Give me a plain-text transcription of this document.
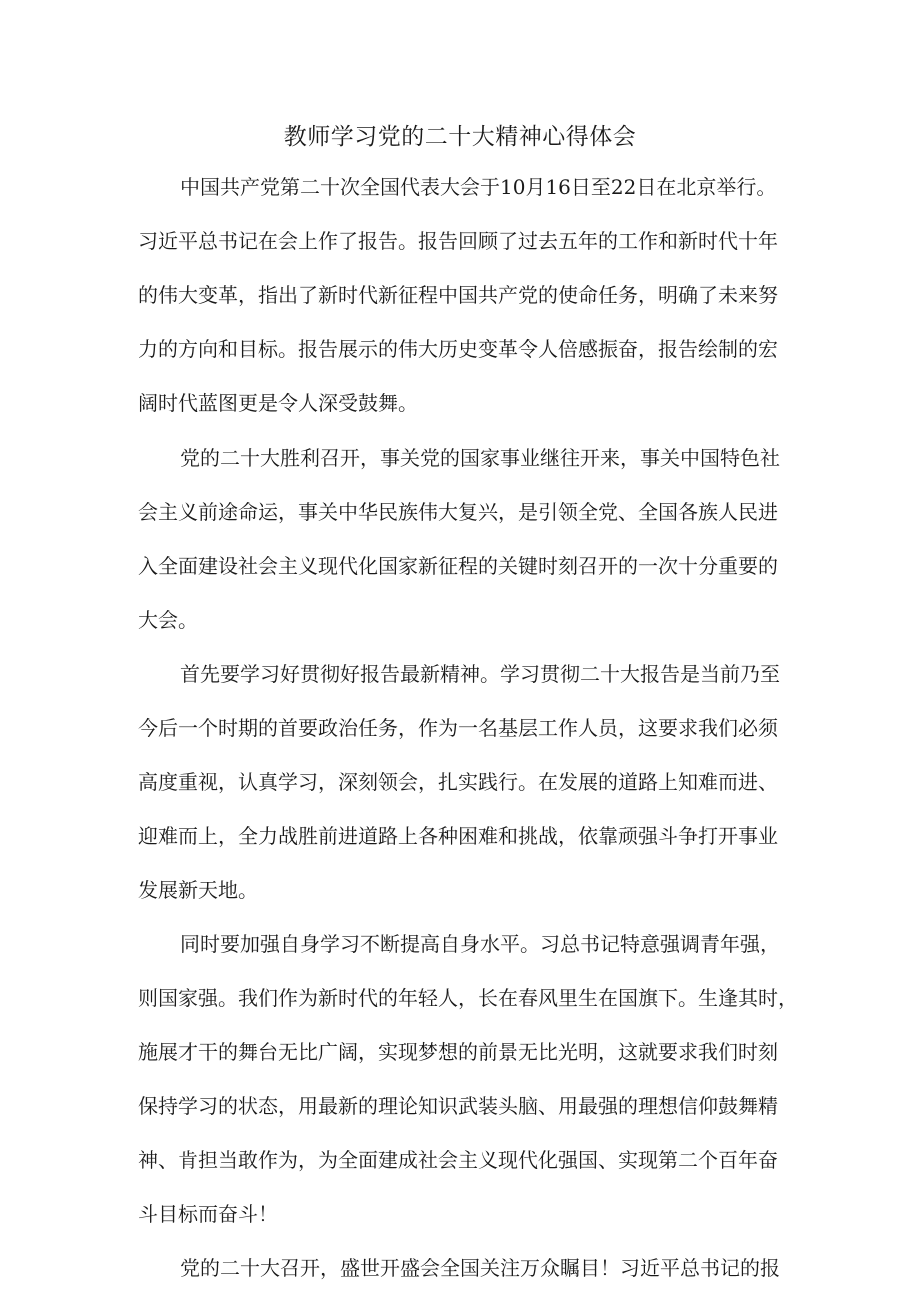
教师学习党的二十大精神心得体会

中国共产党第二十次全国代表大会于10月16日至22日在北京举行。

习近平总书记在会上作了报告。报告回顾了过去五年的工作和新时代十年

的伟大变革，指出了新时代新征程中国共产党的使命任务，明确了未来努

力的方向和目标。报告展示的伟大历史变革令人倍感振奋，报告绘制的宏

阔时代蓝图更是令人深受鼓舞。

党的二十大胜利召开，事关党的国家事业继往开来，事关中国特色社

会主义前途命运，事关中华民族伟大复兴，是引领全党、全国各族人民进

入全面建设社会主义现代化国家新征程的关键时刻召开的一次十分重要的

大会。

首先要学习好贯彻好报告最新精神。学习贯彻二十大报告是当前乃至

今后一个时期的首要政治任务，作为一名基层工作人员，这要求我们必须

高度重视，认真学习，深刻领会，扎实践行。在发展的道路上知难而进、

迎难而上，全力战胜前进道路上各种困难和挑战，依靠顽强斗争打开事业

发展新天地。

同时要加强自身学习不断提高自身水平。习总书记特意强调青年强，

则国家强。我们作为新时代的年轻人，长在春风里生在国旗下。生逢其时，

施展才干的舞台无比广阔，实现梦想的前景无比光明，这就要求我们时刻

保持学习的状态，用最新的理论知识武装头脑、用最强的理想信仰鼓舞精

神、肯担当敢作为，为全面建成社会主义现代化强国、实现第二个百年奋

斗目标而奋斗！

党的二十大召开，盛世开盛会全国关注万众瞩目！习近平总书记的报
